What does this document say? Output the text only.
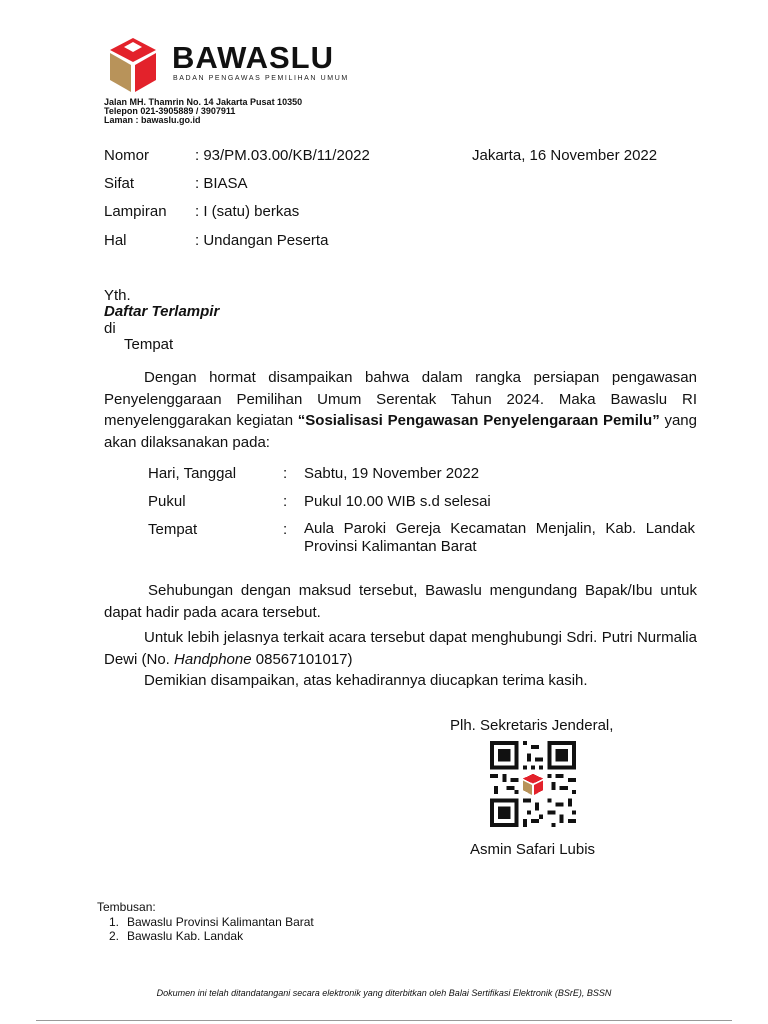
BAWASLU
BADAN PENGAWAS PEMILIHAN UMUM
Jalan MH. Thamrin No. 14 Jakarta Pusat 10350
Telepon 021-3905889 / 3907911
Laman : bawaslu.go.id
Nomor	: 93/PM.03.00/KB/11/2022	Jakarta, 16 November 2022
Sifat	: BIASA
Lampiran : I (satu) berkas
Hal	: Undangan Peserta
Yth.
Daftar Terlampir
di
Tempat
Dengan hormat disampaikan bahwa dalam rangka persiapan pengawasan Penyelenggaraan Pemilihan Umum Serentak Tahun 2024. Maka Bawaslu RI menyelenggarakan kegiatan “Sosialisasi Pengawasan Penyelengaraan Pemilu” yang akan dilaksanakan pada:
Hari, Tanggal	: Sabtu, 19 November 2022
Pukul	: Pukul 10.00 WIB s.d selesai
Tempat	: Aula Paroki Gereja Kecamatan Menjalin, Kab. Landak Provinsi Kalimantan Barat
Sehubungan dengan maksud tersebut, Bawaslu mengundang Bapak/Ibu untuk dapat hadir pada acara tersebut.
Untuk lebih jelasnya terkait acara tersebut dapat menghubungi Sdri. Putri Nurmalia Dewi (No. Handphone 08567101017)
Demikian disampaikan, atas kehadirannya diucapkan terima kasih.
Plh. Sekretaris Jenderal,
Asmin Safari Lubis
Tembusan:
1. Bawaslu Provinsi Kalimantan Barat
2. Bawaslu Kab. Landak
Dokumen ini telah ditandatangani secara elektronik yang diterbitkan oleh Balai Sertifikasi Elektronik (BSrE), BSSN
